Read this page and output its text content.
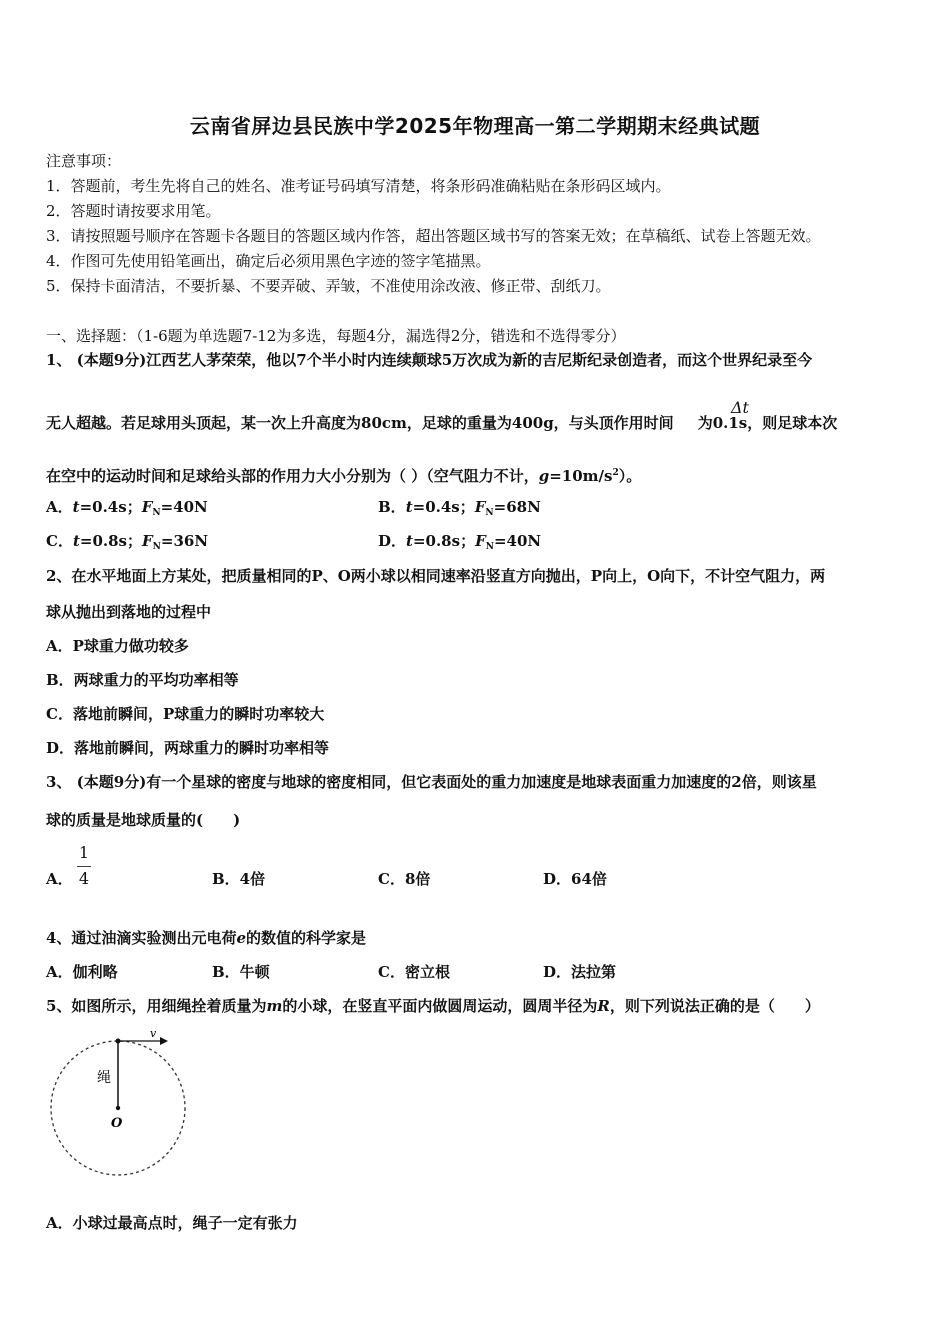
云南省屏边县民族中学2025年物理高一第二学期期末经典试题
注意事项：
1．答题前，考生先将自己的姓名、准考证号码填写清楚，将条形码准确粘贴在条形码区域内。
2．答题时请按要求用笔。
3．请按照题号顺序在答题卡各题目的答题区域内作答，超出答题区域书写的答案无效；在草稿纸、试卷上答题无效。
4．作图可先使用铅笔画出，确定后必须用黑色字迹的签字笔描黑。
5．保持卡面清洁，不要折暴、不要弄破、弄皱，不准使用涂改液、修正带、刮纸刀。
一、选择题：（1-6题为单选题7-12为多选，每题4分，漏选得2分，错选和不选得零分）
1、 (本题9分)江西艺人茅荣荣，他以7个半小时内连续颠球5万次成为新的吉尼斯纪录创造者，而这个世界纪录至今
无人超越。若足球用头顶起，某一次上升高度为80cm，足球的重量为400g，与头顶作用时间 为0.1s，则足球本次
Δt
在空中的运动时间和足球给头部的作用力大小分别为（ ）（空气阻力不计，$g=10m/s^2$）。
A．t=0.4s；$F_N=40N$	B．t=0.4s；$F_N=68N$
C．t=0.8s；$F_N=36N$	D．t=0.8s；$F_N=40N$
2、在水平地面上方某处，把质量相同的P、O两小球以相同速率沿竖直方向抛出，P向上，O向下，不计空气阻力，两
球从抛出到落地的过程中
A．P球重力做功较多
B．两球重力的平均功率相等
C．落地前瞬间，P球重力的瞬时功率较大
D．落地前瞬间，两球重力的瞬时功率相等
3、 (本题9分)有一个星球的密度与地球的密度相同，但它表面处的重力加速度是地球表面重力加速度的2倍，则该星
球的质量是地球质量的(　　)
A．
1
4	B．4倍	C．8倍	D．64倍
4、通过油滴实验测出元电荷e的数值的科学家是
A．伽利略	B．牛顿	C．密立根	D．法拉第
5、如图所示，用细绳拴着质量为m的小球，在竖直平面内做圆周运动，圆周半径为R，则下列说法正确的是（　　）
v
绳
O
A．小球过最高点时，绳子一定有张力
